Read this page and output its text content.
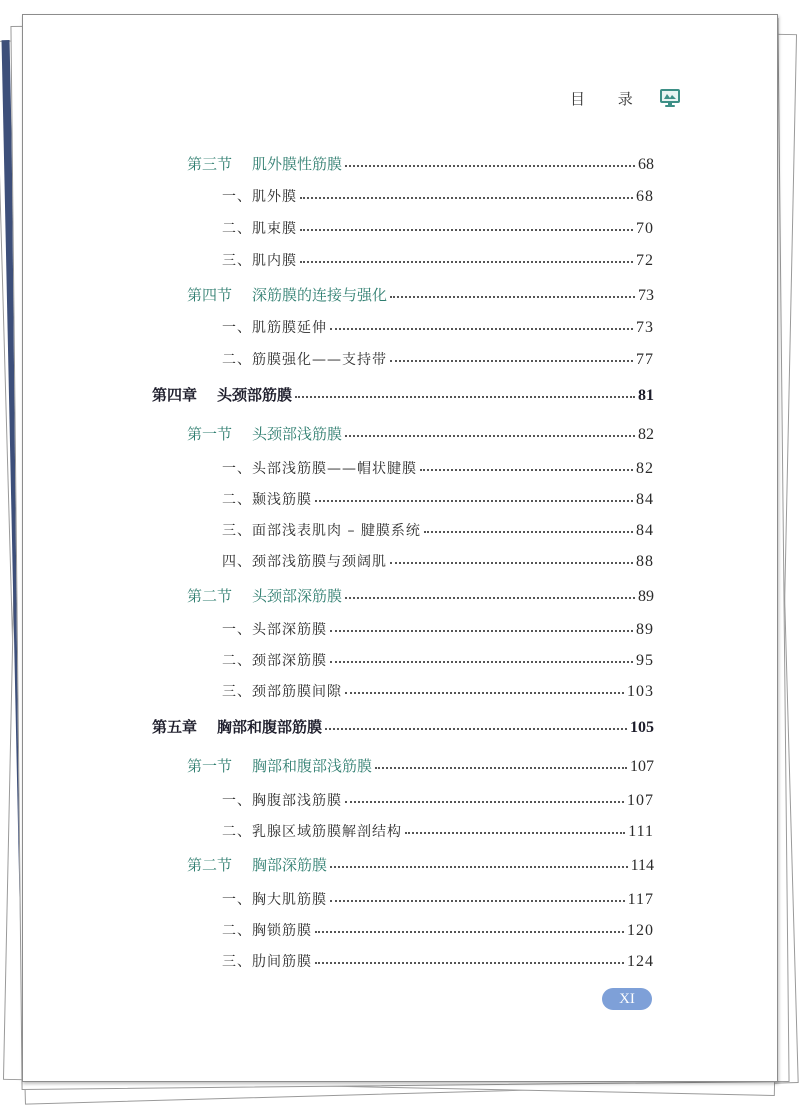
目 录
第三节 肌外膜性筋膜	68
一、肌外膜	68
二、肌束膜	70
三、肌内膜	72
第四节 深筋膜的连接与强化	73
一、肌筋膜延伸	73
二、筋膜强化——支持带	77
第四章 头颈部筋膜	81
第一节 头颈部浅筋膜	82
一、头部浅筋膜——帽状腱膜	82
二、颞浅筋膜	84
三、面部浅表肌肉 – 腱膜系统	84
四、颈部浅筋膜与颈阔肌	88
第二节 头颈部深筋膜	89
一、头部深筋膜	89
二、颈部深筋膜	95
三、颈部筋膜间隙	103
第五章 胸部和腹部筋膜	105
第一节 胸部和腹部浅筋膜	107
一、胸腹部浅筋膜	107
二、乳腺区域筋膜解剖结构	111
第二节 胸部深筋膜	114
一、胸大肌筋膜	117
二、胸锁筋膜	120
三、肋间筋膜	124
XI
